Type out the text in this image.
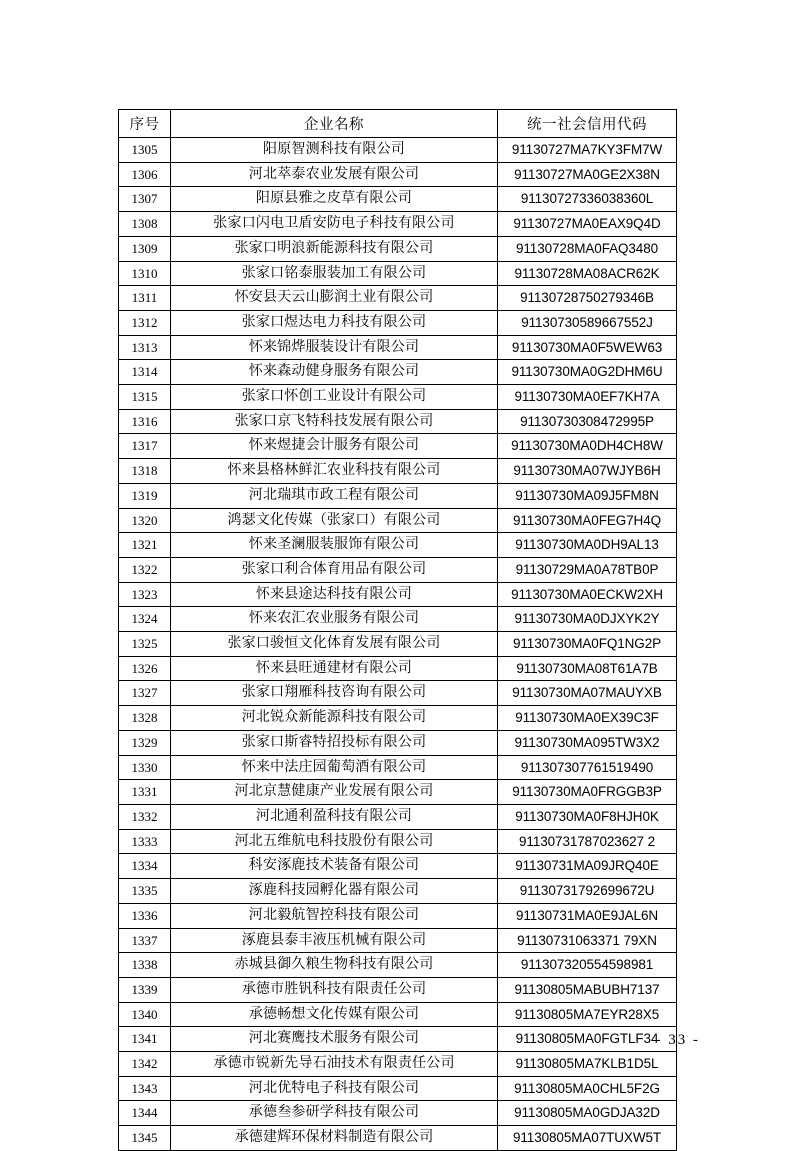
序号	企业名称	统一社会信用代码
1305	阳原智测科技有限公司	91130727MA7KY3FM7W
1306	河北萃泰农业发展有限公司	91130727MA0GE2X38N
1307	阳原县雅之皮草有限公司	91130727336038360L
1308	张家口闪电卫盾安防电子科技有限公司	91130727MA0EAX9Q4D
1309	张家口明浪新能源科技有限公司	91130728MA0FAQ3480
1310	张家口铭泰服装加工有限公司	91130728MA08ACR62K
1311	怀安县天云山膨润土业有限公司	91130728750279346B
1312	张家口煜达电力科技有限公司	91130730589667552J
1313	怀来锦烨服装设计有限公司	91130730MA0F5WEW63
1314	怀来森动健身服务有限公司	91130730MA0G2DHM6U
1315	张家口怀创工业设计有限公司	91130730MA0EF7KH7A
1316	张家口京飞特科技发展有限公司	91130730308472995P
1317	怀来煜捷会计服务有限公司	91130730MA0DH4CH8W
1318	怀来县格林鲜汇农业科技有限公司	91130730MA07WJYB6H
1319	河北瑞琪市政工程有限公司	91130730MA09J5FM8N
1320	鸿瑟文化传媒（张家口）有限公司	91130730MA0FEG7H4Q
1321	怀来圣澜服装服饰有限公司	91130730MA0DH9AL13
1322	张家口利合体育用品有限公司	91130729MA0A78TB0P
1323	怀来县途达科技有限公司	91130730MA0ECKW2XH
1324	怀来农汇农业服务有限公司	91130730MA0DJXYK2Y
1325	张家口骏恒文化体育发展有限公司	91130730MA0FQ1NG2P
1326	怀来县旺通建材有限公司	91130730MA08T61A7B
1327	张家口翔雁科技咨询有限公司	91130730MA07MAUYXB
1328	河北锐众新能源科技有限公司	91130730MA0EX39C3F
1329	张家口斯睿特招投标有限公司	91130730MA095TW3X2
1330	怀来中法庄园葡萄酒有限公司	911307307761519490
1331	河北京慧健康产业发展有限公司	91130730MA0FRGGB3P
1332	河北通利盈科技有限公司	91130730MA0F8HJH0K
1333	河北五维航电科技股份有限公司	91130731787023627 2
1334	科安涿鹿技术装备有限公司	91130731MA09JRQ40E
1335	涿鹿科技园孵化器有限公司	91130731792699672U
1336	河北毅航智控科技有限公司	91130731MA0E9JAL6N
1337	涿鹿县泰丰液压机械有限公司	91130731063371 79XN
1338	赤城县御久粮生物科技有限公司	911307320554598981
1339	承德市胜钒科技有限责任公司	91130805MABUBH7137
1340	承德畅想文化传媒有限公司	91130805MA7EYR28X5
1341	河北赛鹰技术服务有限公司	91130805MA0FGTLF34
1342	承德市锐新先导石油技术有限责任公司	91130805MA7KLB1D5L
1343	河北优特电子科技有限公司	91130805MA0CHL5F2G
1344	承德叁参研学科技有限公司	91130805MA0GDJA32D
1345	承德建辉环保材料制造有限公司	91130805MA07TUXW5T
- 33 -
